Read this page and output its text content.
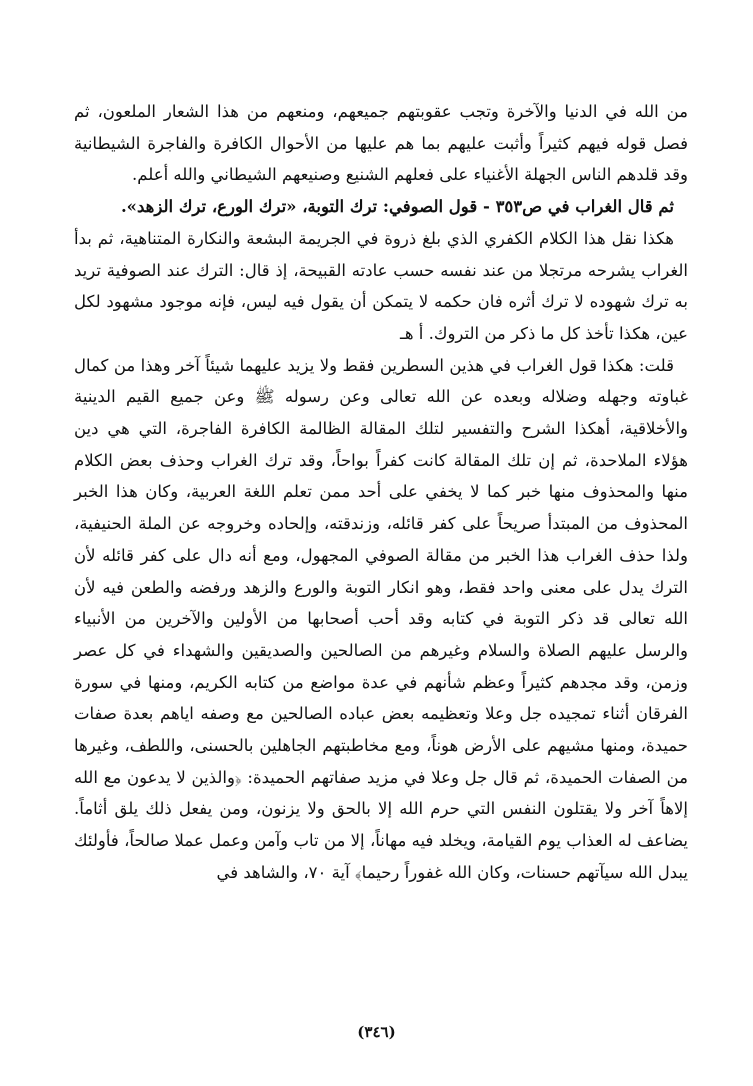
من الله في الدنيا والآخرة وتجب عقوبتهم جميعهم، ومنعهم من هذا الشعار الملعون، ثم فصل قوله فيهم كثيراً وأثبت عليهم بما هم عليها من الأحوال الكافرة والفاجرة الشيطانية وقد قلدهم الناس الجهلة الأغنياء على فعلهم الشنيع وصنيعهم الشيطاني والله أعلم.

ثم قال الغراب في ص٣٥٣ - قول الصوفي: ترك التوبة، «ترك الورع، ترك الزهد».

هكذا نقل هذا الكلام الكفري الذي بلغ ذروة في الجريمة البشعة والنكارة المتناهية، ثم بدأ الغراب يشرحه مرتجلا من عند نفسه حسب عادته القبيحة، إذ قال: الترك عند الصوفية تريد به ترك شهوده لا ترك أثره فان حكمه لا يتمكن أن يقول فيه ليس، فإنه موجود مشهود لكل عين، هكذا تأخذ كل ما ذكر من التروك. أ هـ

قلت: هكذا قول الغراب في هذين السطرين فقط ولا يزيد عليهما شيئاً آخر وهذا من كمال غباوته وجهله وضلاله وبعده عن الله تعالى وعن رسوله ﷺ وعن جميع القيم الدينية والأخلاقية، أهكذا الشرح والتفسير لتلك المقالة الظالمة الكافرة الفاجرة، التي هي دين هؤلاء الملاحدة، ثم إن تلك المقالة كانت كفراً بواحاً، وقد ترك الغراب وحذف بعض الكلام منها والمحذوف منها خبر كما لا يخفي على أحد ممن تعلم اللغة العربية، وكان هذا الخبر المحذوف من المبتدأ صريحاً على كفر قائله، وزندقته، وإلحاده وخروجه عن الملة الحنيفية، ولذا حذف الغراب هذا الخبر من مقالة الصوفي المجهول، ومع أنه دال على كفر قائله لأن الترك يدل على معنى واحد فقط، وهو انكار التوبة والورع والزهد ورفضه والطعن فيه لأن الله تعالى قد ذكر التوبة في كتابه وقد أحب أصحابها من الأولين والآخرين من الأنبياء والرسل عليهم الصلاة والسلام وغيرهم من الصالحين والصديقين والشهداء في كل عصر وزمن، وقد مجدهم كثيراً وعظم شأنهم في عدة مواضع من كتابه الكريم، ومنها في سورة الفرقان أثناء تمجيده جل وعلا وتعظيمه بعض عباده الصالحين مع وصفه اياهم بعدة صفات حميدة، ومنها مشيهم على الأرض هوناً، ومع مخاطبتهم الجاهلين بالحسنى، واللطف، وغيرها من الصفات الحميدة، ثم قال جل وعلا في مزيد صفاتهم الحميدة: ﴿والذين لا يدعون مع الله إلاهاً آخر ولا يقتلون النفس التي حرم الله إلا بالحق ولا يزنون، ومن يفعل ذلك يلق أثاماً. يضاعف له العذاب يوم القيامة، ويخلد فيه مهاناً، إلا من تاب وآمن وعمل عملا صالحاً، فأولئك يبدل الله سيآتهم حسنات، وكان الله غفوراً رحيما﴾ آية ٧٠، والشاهد في

(٣٤٦)
